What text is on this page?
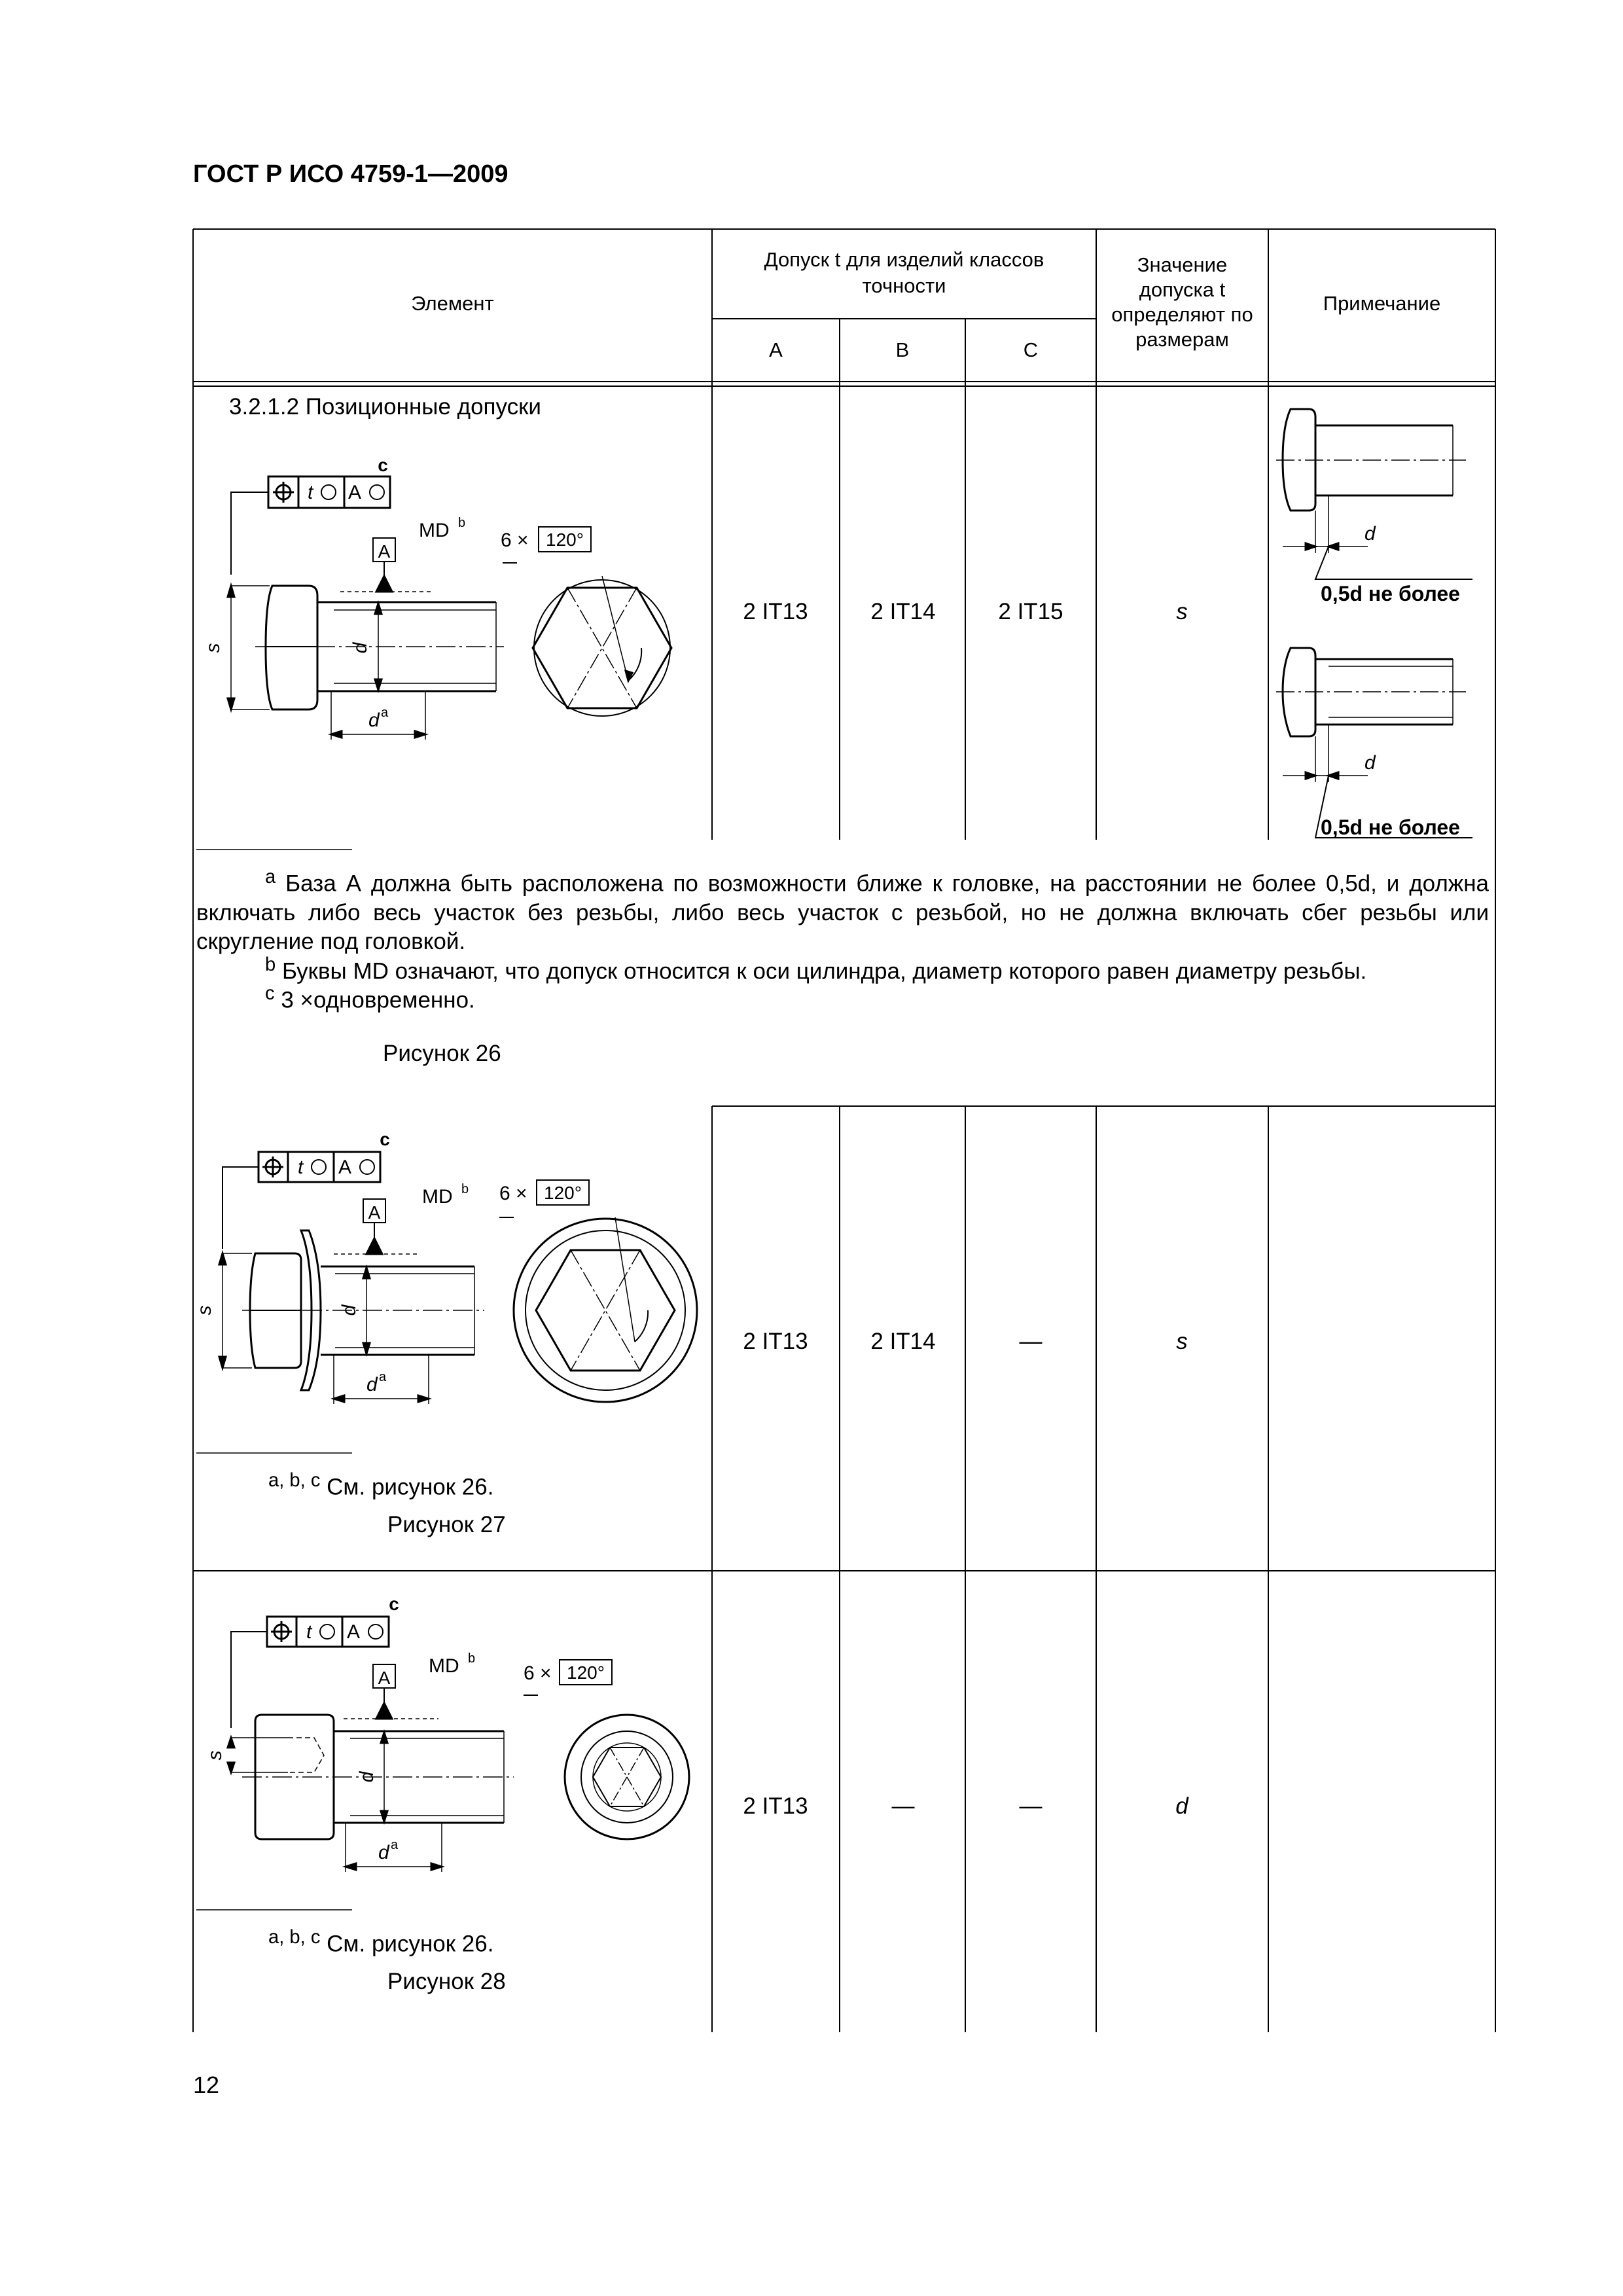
ГОСТ Р ИСО 4759-1—2009
Элемент
Допуск t для изделий классов
точности
A	B	C
Значение
допуска t
определяют по
размерам
Примечание
3.2.1.2 Позиционные допуски
2 IT13	2 IT14	2 IT15	s
$^a$ База А должна быть расположена по возможности ближе к головке, на расстоянии не более 0,5d, и должна включать либо весь участок без резьбы, либо весь участок с резьбой, но не должна включать сбег резьбы или скругление под головкой.
$^b$ Буквы MD означают, что допуск относится к оси цилиндра, диаметр которого равен диаметру резьбы.
$^c$ 3 ×одновременно.
Рисунок 26
2 IT13	2 IT14	—	s
$^{a, b, c}$ См. рисунок 26.
Рисунок 27
2 IT13	—	—	d
$^{a, b, c}$ См. рисунок 26.
Рисунок 28
12
c
t A
MD b
A
6 × 120°
s	d
d a
d
0,5d не более
d
0,5d не более
c
t A
MD b
A
6 × 120°
s	d
d a
c
t A
MD b
A	6 × 120°
s
d
d a
